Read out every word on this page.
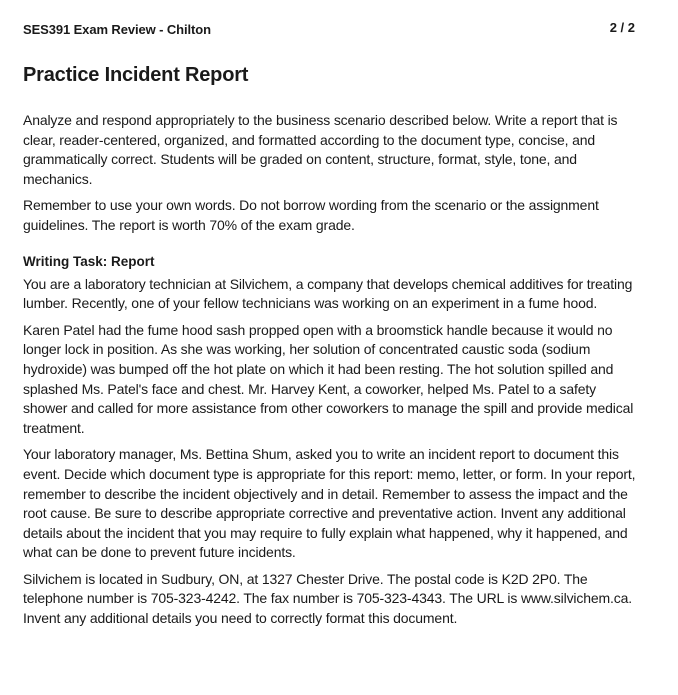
SES391 Exam Review - Chilton	2 / 2
Practice Incident Report

Analyze and respond appropriately to the business scenario described below. Write a report that is clear, reader-centered, organized, and formatted according to the document type, concise, and grammatically correct. Students will be graded on content, structure, format, style, tone, and mechanics.

Remember to use your own words. Do not borrow wording from the scenario or the assignment guidelines. The report is worth 70% of the exam grade.

Writing Task: Report

You are a laboratory technician at Silvichem, a company that develops chemical additives for treating lumber. Recently, one of your fellow technicians was working on an experiment in a fume hood.

Karen Patel had the fume hood sash propped open with a broomstick handle because it would no longer lock in position. As she was working, her solution of concentrated caustic soda (sodium hydroxide) was bumped off the hot plate on which it had been resting. The hot solution spilled and splashed Ms. Patel's face and chest. Mr. Harvey Kent, a coworker, helped Ms. Patel to a safety shower and called for more assistance from other coworkers to manage the spill and provide medical treatment.

Your laboratory manager, Ms. Bettina Shum, asked you to write an incident report to document this event. Decide which document type is appropriate for this report: memo, letter, or form. In your report, remember to describe the incident objectively and in detail. Remember to assess the impact and the root cause. Be sure to describe appropriate corrective and preventative action. Invent any additional details about the incident that you may require to fully explain what happened, why it happened, and what can be done to prevent future incidents.

Silvichem is located in Sudbury, ON, at 1327 Chester Drive. The postal code is K2D 2P0. The telephone number is 705-323-4242. The fax number is 705-323-4343. The URL is www.silvichem.ca. Invent any additional details you need to correctly format this document.
